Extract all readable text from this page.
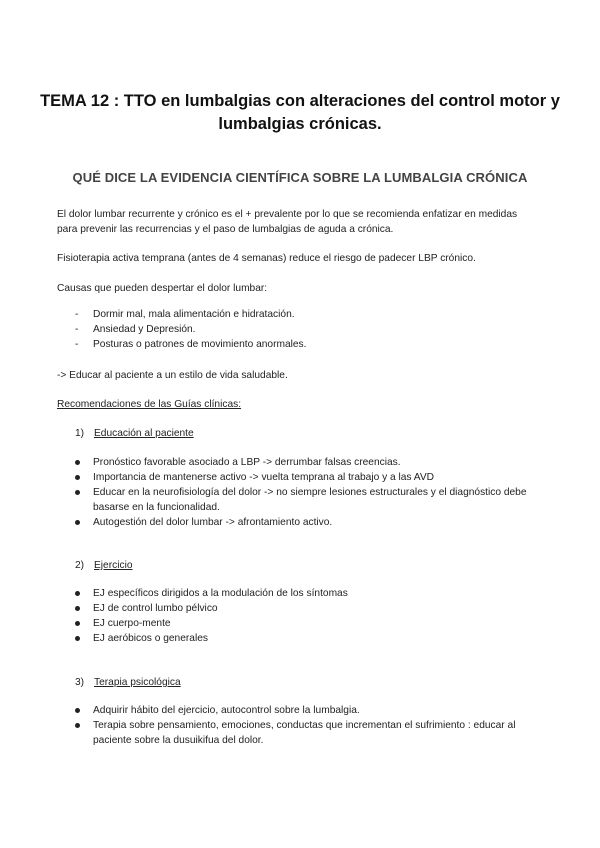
TEMA 12 : TTO en lumbalgias con alteraciones del control motor y lumbalgias crónicas.
QUÉ DICE LA EVIDENCIA CIENTÍFICA SOBRE LA LUMBALGIA CRÓNICA

El dolor lumbar recurrente y crónico es el + prevalente por lo que se recomienda enfatizar en medidas para prevenir las recurrencias y el paso de lumbalgias de aguda a crónica.

Fisioterapia activa temprana (antes de 4 semanas) reduce el riesgo de padecer LBP crónico.

Causas que pueden despertar el dolor lumbar:

- Dormir mal, mala alimentación e hidratación.
- Ansiedad y Depresión.
- Posturas o patrones de movimiento anormales.

-> Educar al paciente a un estilo de vida saludable.

Recomendaciones de las Guías clínicas:

1) Educación al paciente
Pronóstico favorable asociado a LBP -> derrumbar falsas creencias.
Importancia de mantenerse activo -> vuelta temprana al trabajo y a las AVD
Educar en la neurofisiología del dolor -> no siempre lesiones estructurales y el diagnóstico debe basarse en la funcionalidad.
Autogestión del dolor lumbar -> afrontamiento activo.
2) Ejercicio
EJ específicos dirigidos a la modulación de los síntomas
EJ de control lumbo pélvico
EJ cuerpo-mente
EJ aeróbicos o generales
3) Terapia psicológica
Adquirir hábito del ejercicio, autocontrol sobre la lumbalgia.
Terapia sobre pensamiento, emociones, conductas que incrementan el sufrimiento : educar al paciente sobre la dusuikifua del dolor.
